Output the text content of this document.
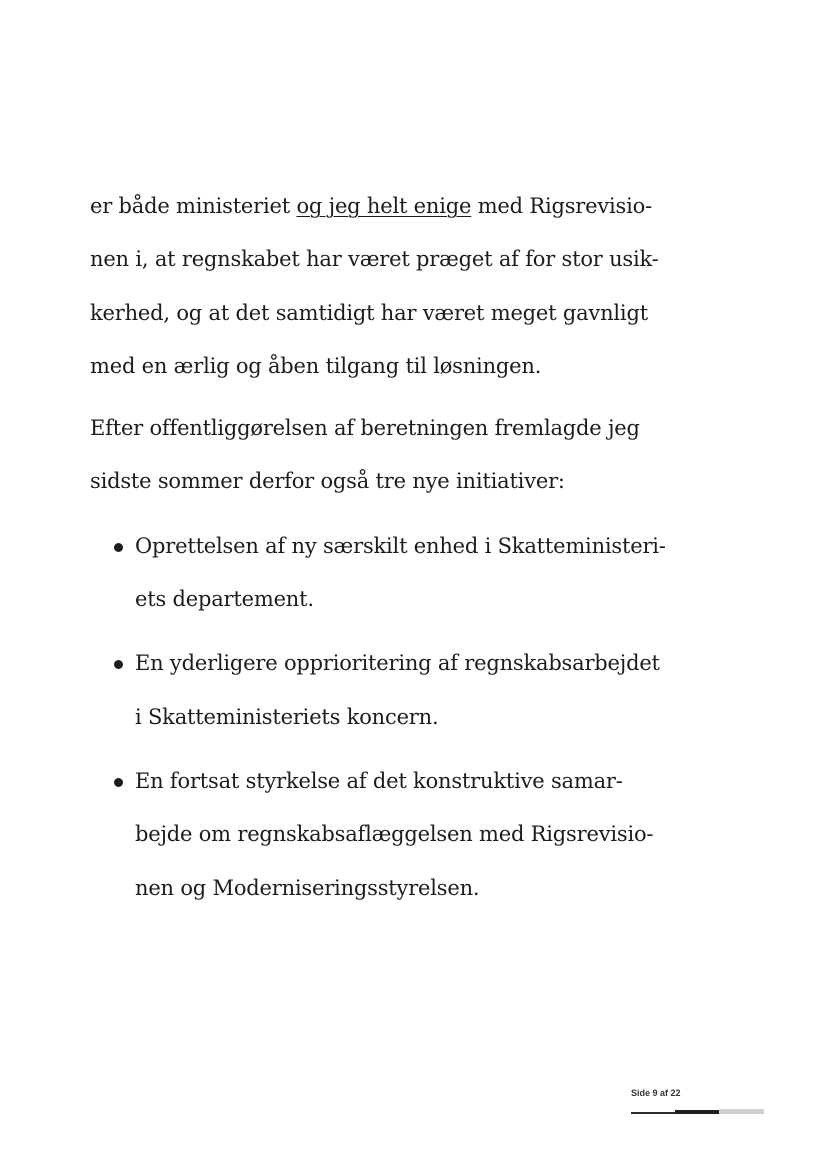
er både ministeriet og jeg helt enige med Rigsrevisio-
nen i, at regnskabet har været præget af for stor usik-
kerhed, og at det samtidigt har været meget gavnligt
med en ærlig og åben tilgang til løsningen.
Efter offentliggørelsen af beretningen fremlagde jeg
sidste sommer derfor også tre nye initiativer:
Oprettelsen af ny særskilt enhed i Skatteministeri-
ets departement.
En yderligere opprioritering af regnskabsarbejdet
i Skatteministeriets koncern.
En fortsat styrkelse af det konstruktive samar-
bejde om regnskabsaflæggelsen med Rigsrevisio-
nen og Moderniseringsstyrelsen.
Side 9 af 22
